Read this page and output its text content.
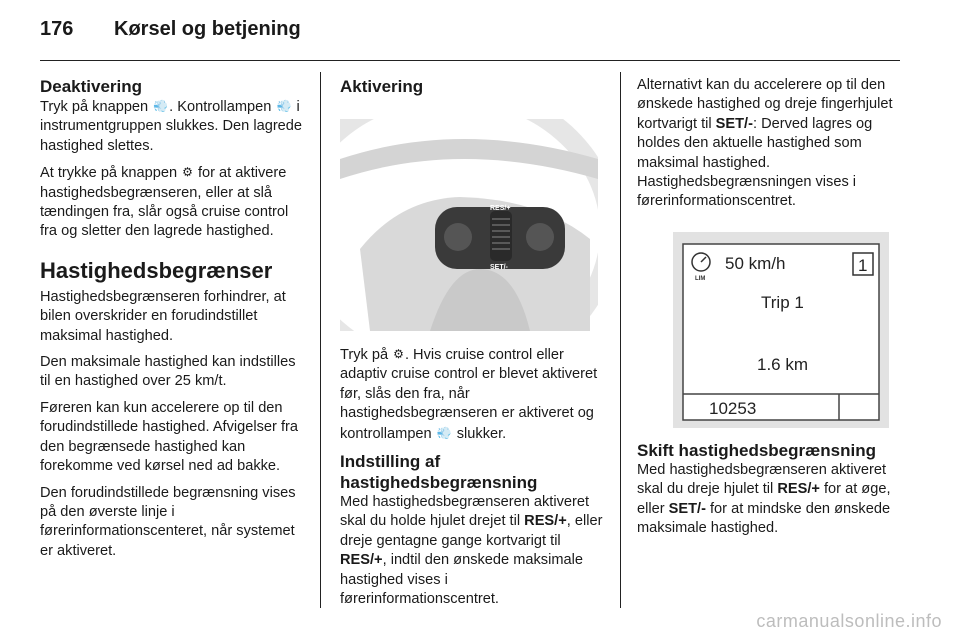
176 Kørsel og betjening
Deaktivering

Tryk på knappen 💨. Kontrollampen 💨 i instrumentgruppen slukkes. Den lagrede hastighed slettes.

At trykke på knappen ⚙ for at aktivere hastighedsbegrænseren, eller at slå tændingen fra, slår også cruise control fra og sletter den lagrede hastighed.

Hastighedsbegrænser

Hastighedsbegrænseren forhindrer, at bilen overskrider en forudindstillet maksimal hastighed.

Den maksimale hastighed kan indstilles til en hastighed over 25 km/t.

Føreren kan kun accelerere op til den forudindstillede hastighed. Afvigelser fra den begrænsede hastighed kan forekomme ved kørsel ned ad bakke.

Den forudindstillede begrænsning vises på den øverste linje i førerinformationscenteret, når systemet er aktiveret.

Aktivering
RES/+
SET/-

Tryk på ⚙. Hvis cruise control eller adaptiv cruise control er blevet aktiveret før, slås den fra, når hastighedsbegrænseren er aktiveret og kontrollampen 💨 slukker.

Indstilling af hastighedsbegrænsning

Med hastighedsbegrænseren aktiveret skal du holde hjulet drejet til RES/+, eller dreje gentagne gange kortvarigt til RES/+, indtil den ønskede maksimale hastighed vises i førerinformationscentret.

Alternativt kan du accelerere op til den ønskede hastighed og dreje fingerhjulet kortvarigt til SET/-: Derved lagres og holdes den aktuelle hastighed som maksimal hastighed. Hastighedsbegrænsningen vises i førerinformationscentret.

LIM
50 km/h	1
Trip 1
1.6 km
10253
Skift hastighedsbegrænsning

Med hastighedsbegrænseren aktiveret skal du dreje hjulet til RES/+ for at øge, eller SET/- for at mindske den ønskede maksimale hastighed.

carmanualsonline.info
